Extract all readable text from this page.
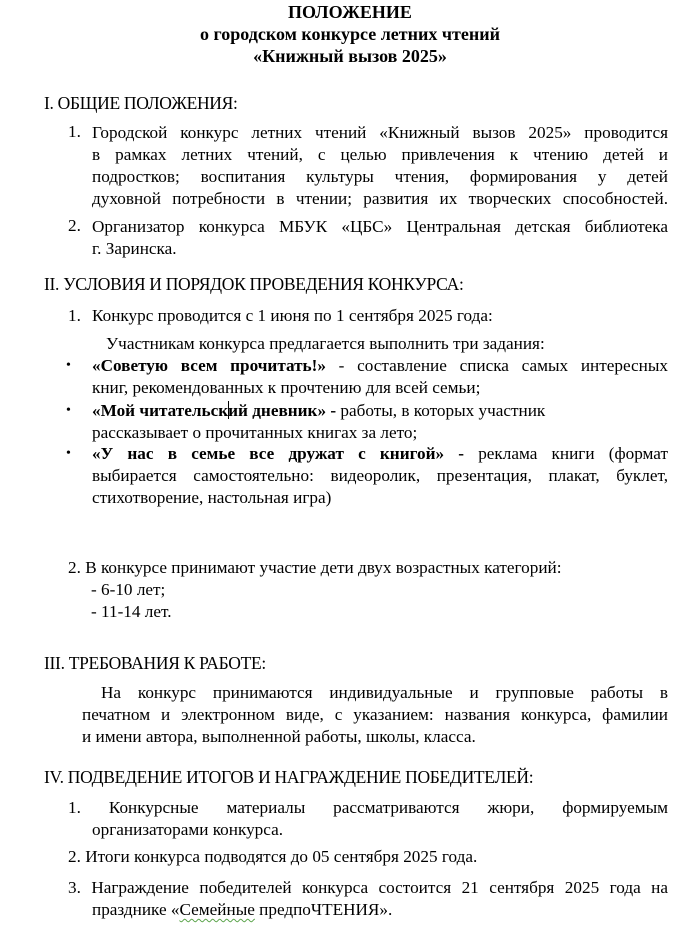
ПОЛОЖЕНИЕ
о городском конкурсе летних чтений
«Книжный вызов 2025»
I. ОБЩИЕ ПОЛОЖЕНИЯ:
1. Городской конкурс летних чтений «Книжный вызов 2025» проводится
в рамках летних чтений, с целью привлечения к чтению детей и
подростков; воспитания культуры чтения, формирования у детей
духовной потребности в чтении; развития их творческих способностей.
2. Организатор конкурса МБУК «ЦБС» Центральная детская библиотека
г. Заринска.
II. УСЛОВИЯ И ПОРЯДОК ПРОВЕДЕНИЯ КОНКУРСА:
1. Конкурс проводится с 1 июня по 1 сентября 2025 года:
Участникам конкурса предлагается выполнить три задания:
• «Советую всем прочитать!» - составление списка самых интересных
книг, рекомендованных к прочтению для всей семьи;
• «Мой читательский дневник» - работы, в которых участник
рассказывает о прочитанных книгах за лето;
• «У нас в семье все дружат с книгой» - реклама книги (формат
выбирается самостоятельно: видеоролик, презентация, плакат, буклет,
стихотворение, настольная игра)
2. В конкурсе принимают участие дети двух возрастных категорий:
- 6-10 лет;
- 11-14 лет.
III. ТРЕБОВАНИЯ К РАБОТЕ:
На конкурс принимаются индивидуальные и групповые работы в
печатном и электронном виде, с указанием: названия конкурса, фамилии
и имени автора, выполненной работы, школы, класса.
IV. ПОДВЕДЕНИЕ ИТОГОВ И НАГРАЖДЕНИЕ ПОБЕДИТЕЛЕЙ:
1. Конкурсные материалы рассматриваются жюри, формируемым
организаторами конкурса.
2. Итоги конкурса подводятся до 05 сентября 2025 года.
3. Награждение победителей конкурса состоится 21 сентября 2025 года на
празднике «Семейные предпоЧТЕНИЯ».
